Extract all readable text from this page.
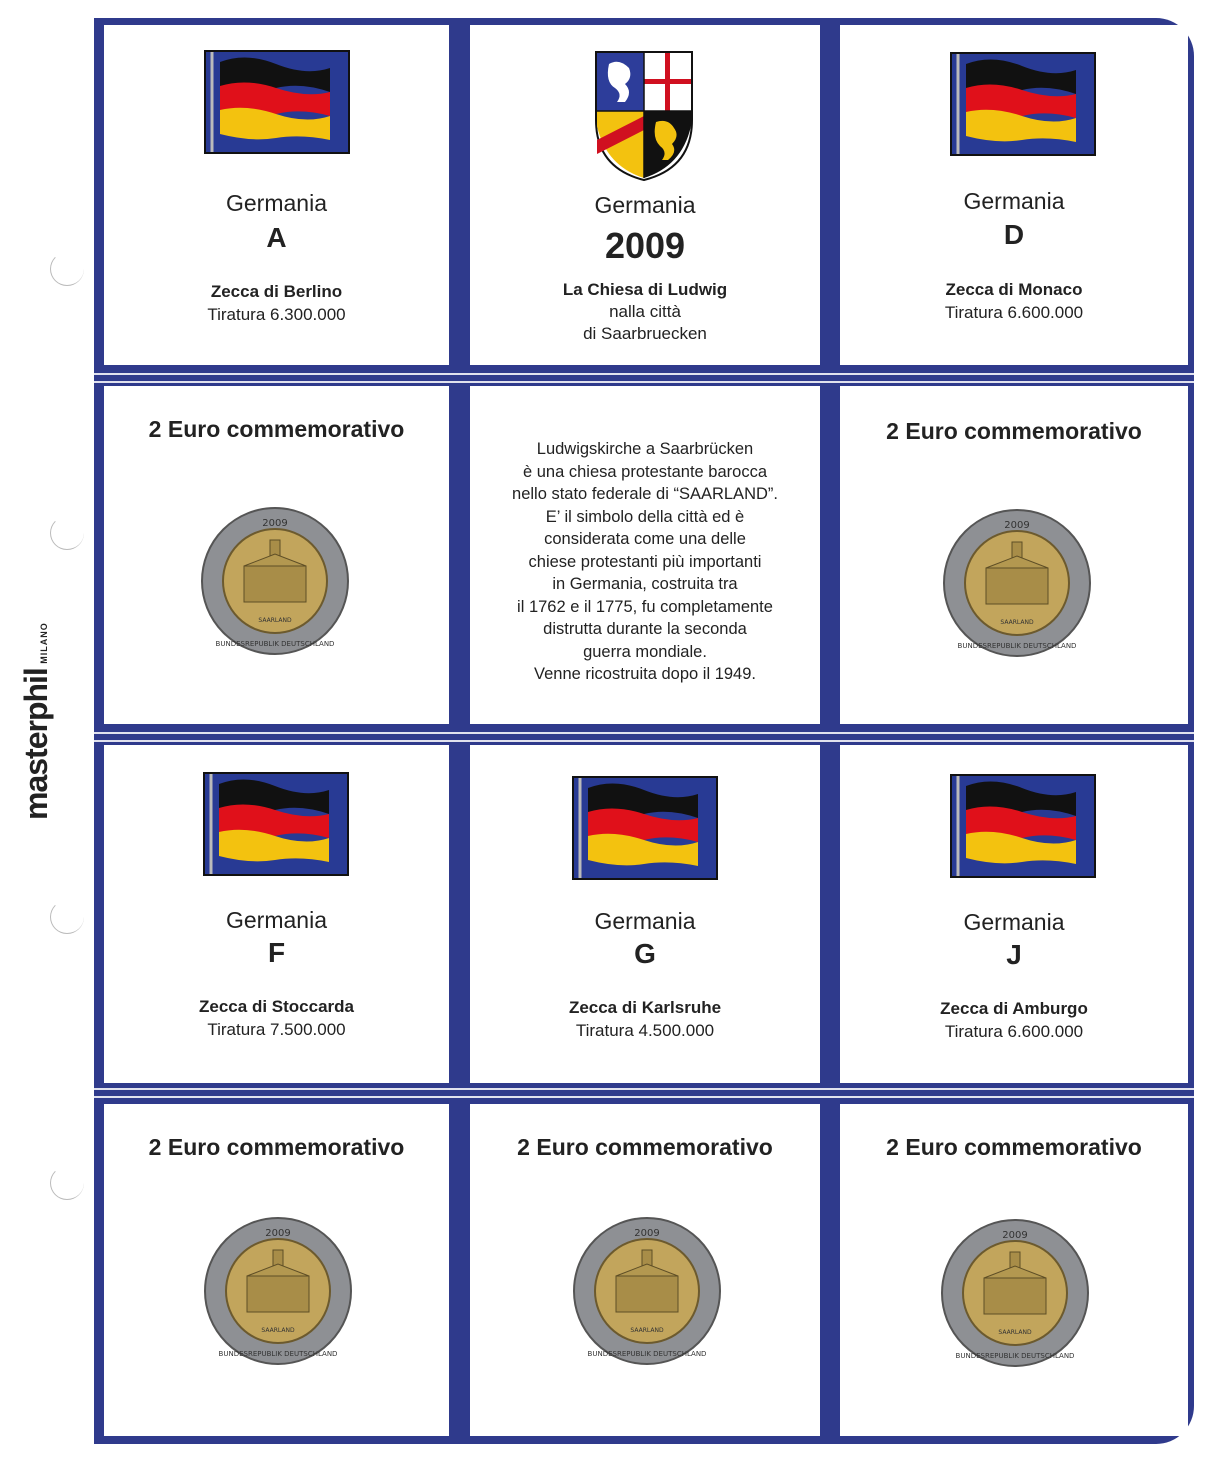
masterphil MILANO
Germania
A
Zecca di Berlino
Tiratura 6.300.000
Germania
2009
La Chiesa di Ludwig
nalla città
di Saarbruecken
Germania
D
Zecca di Monaco
Tiratura 6.600.000
2 Euro commemorativo
2009
SAARLAND
BUNDESREPUBLIK DEUTSCHLAND
Ludwigskirche a Saarbrücken
è una chiesa protestante barocca
nello stato federale di “SAARLAND”.
E’ il simbolo della città ed è
considerata come una delle
chiese protestanti più importanti
in Germania, costruita tra
il 1762 e il 1775, fu completamente
distrutta durante la seconda
guerra mondiale.
Venne ricostruita dopo il 1949.
2 Euro commemorativo
2009
SAARLAND
BUNDESREPUBLIK DEUTSCHLAND
Germania
F
Zecca di Stoccarda
Tiratura 7.500.000
Germania
G
Zecca di Karlsruhe
Tiratura 4.500.000
Germania
J
Zecca di Amburgo
Tiratura 6.600.000
2 Euro commemorativo
2009
SAARLAND
BUNDESREPUBLIK DEUTSCHLAND
2 Euro commemorativo
2009
SAARLAND
BUNDESREPUBLIK DEUTSCHLAND
2 Euro commemorativo
2009
SAARLAND
BUNDESREPUBLIK DEUTSCHLAND
